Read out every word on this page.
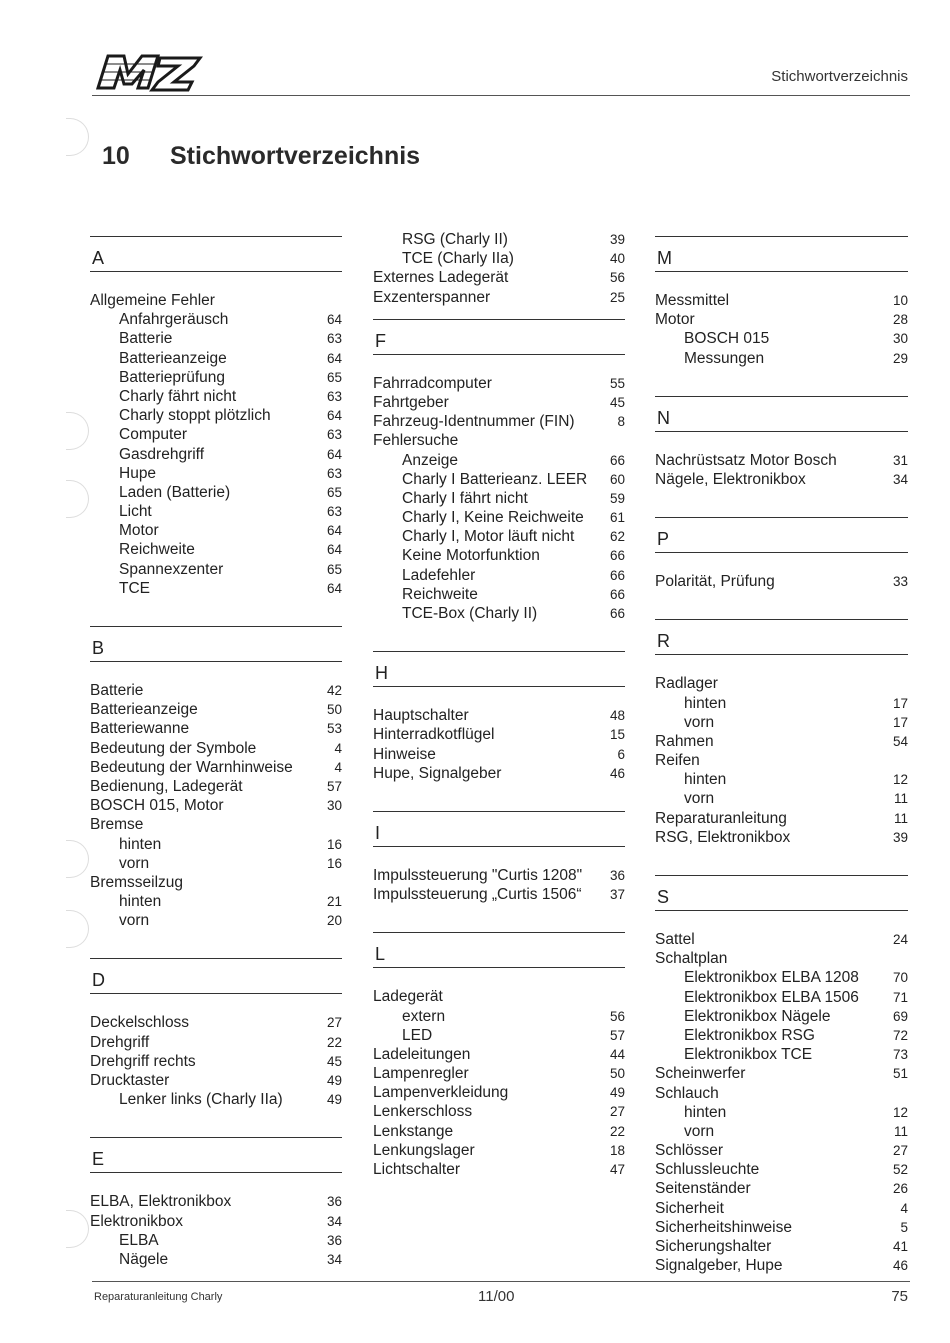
Stichwortverzeichnis
10 Stichwortverzeichnis
A
Allgemeine Fehler
Anfahrgeräusch	64
Batterie	63
Batterieanzeige	64
Batterieprüfung	65
Charly fährt nicht	63
Charly stoppt plötzlich	64
Computer	63
Gasdrehgriff	64
Hupe	63
Laden (Batterie)	65
Licht	63
Motor	64
Reichweite	64
Spannexzenter	65
TCE	64
B
Batterie	42
Batterieanzeige	50
Batteriewanne	53
Bedeutung der Symbole	4
Bedeutung der Warnhinweise	4
Bedienung, Ladegerät	57
BOSCH 015, Motor	30
Bremse
hinten	16
vorn	16
Bremsseilzug
hinten	21
vorn	20
D
Deckelschloss	27
Drehgriff	22
Drehgriff rechts	45
Drucktaster	49
Lenker links (Charly IIa)	49
E
ELBA, Elektronikbox	36
Elektronikbox	34
ELBA	36
Nägele	34
RSG (Charly II)	39
TCE (Charly IIa)	40
Externes Ladegerät	56
Exzenterspanner	25
F
Fahrradcomputer	55
Fahrtgeber	45
Fahrzeug-Identnummer (FIN)	8
Fehlersuche
Anzeige	66
Charly I Batterieanz. LEER	60
Charly I fährt nicht	59
Charly I, Keine Reichweite	61
Charly I, Motor läuft nicht	62
Keine Motorfunktion	66
Ladefehler	66
Reichweite	66
TCE-Box (Charly II)	66
H
Hauptschalter	48
Hinterradkotflügel	15
Hinweise	6
Hupe, Signalgeber	46
I
Impulssteuerung "Curtis 1208"	36
Impulssteuerung „Curtis 1506“	37
L
Ladegerät
extern	56
LED	57
Ladeleitungen	44
Lampenregler	50
Lampenverkleidung	49
Lenkerschloss	27
Lenkstange	22
Lenkungslager	18
Lichtschalter	47
M
Messmittel	10
Motor	28
BOSCH 015	30
Messungen	29
N
Nachrüstsatz Motor Bosch	31
Nägele, Elektronikbox	34
P
Polarität, Prüfung	33
R
Radlager
hinten	17
vorn	17
Rahmen	54
Reifen
hinten	12
vorn	11
Reparaturanleitung	11
RSG, Elektronikbox	39
S
Sattel	24
Schaltplan
Elektronikbox ELBA 1208	70
Elektronikbox ELBA 1506	71
Elektronikbox Nägele	69
Elektronikbox RSG	72
Elektronikbox TCE	73
Scheinwerfer	51
Schlauch
hinten	12
vorn	11
Schlösser	27
Schlussleuchte	52
Seitenständer	26
Sicherheit	4
Sicherheitshinweise	5
Sicherungshalter	41
Signalgeber, Hupe	46
Reparaturanleitung Charly	11/00	75
